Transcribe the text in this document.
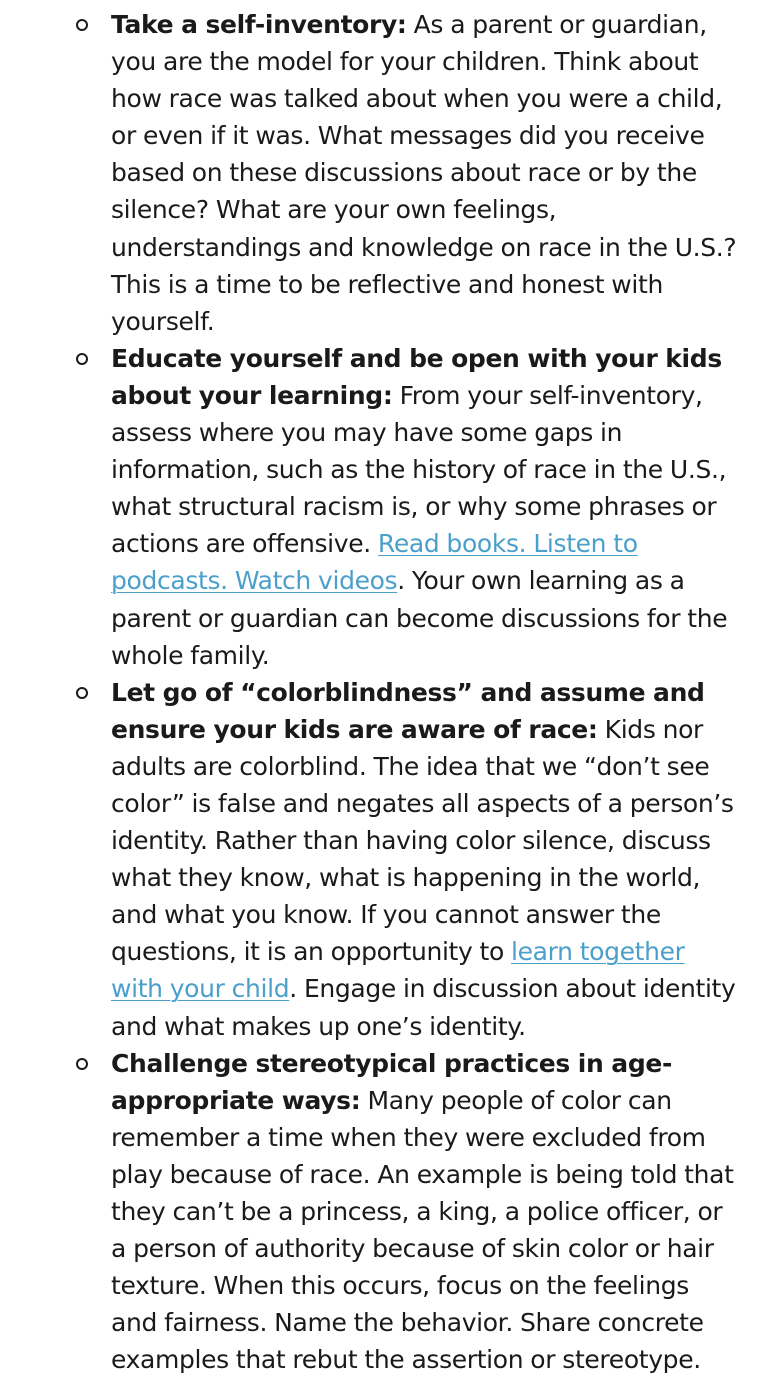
Take a self-inventory: As a parent or guardian, you are the model for your children. Think about how race was talked about when you were a child, or even if it was. What messages did you receive based on these discussions about race or by the silence? What are your own feelings, understandings and knowledge on race in the U.S.? This is a time to be reflective and honest with yourself.
Educate yourself and be open with your kids about your learning: From your self-inventory, assess where you may have some gaps in information, such as the history of race in the U.S., what structural racism is, or why some phrases or actions are offensive. Read books. Listen to podcasts. Watch videos. Your own learning as a parent or guardian can become discussions for the whole family.
Let go of “colorblindness” and assume and ensure your kids are aware of race: Kids nor adults are colorblind. The idea that we “don’t see color” is false and negates all aspects of a person’s identity. Rather than having color silence, discuss what they know, what is happening in the world, and what you know. If you cannot answer the questions, it is an opportunity to learn together with your child. Engage in discussion about identity and what makes up one’s identity.
Challenge stereotypical practices in age-appropriate ways: Many people of color can remember a time when they were excluded from play because of race. An example is being told that they can’t be a princess, a king, a police officer, or a person of authority because of skin color or hair texture. When this occurs, focus on the feelings and fairness. Name the behavior. Share concrete examples that rebut the assertion or stereotype.
